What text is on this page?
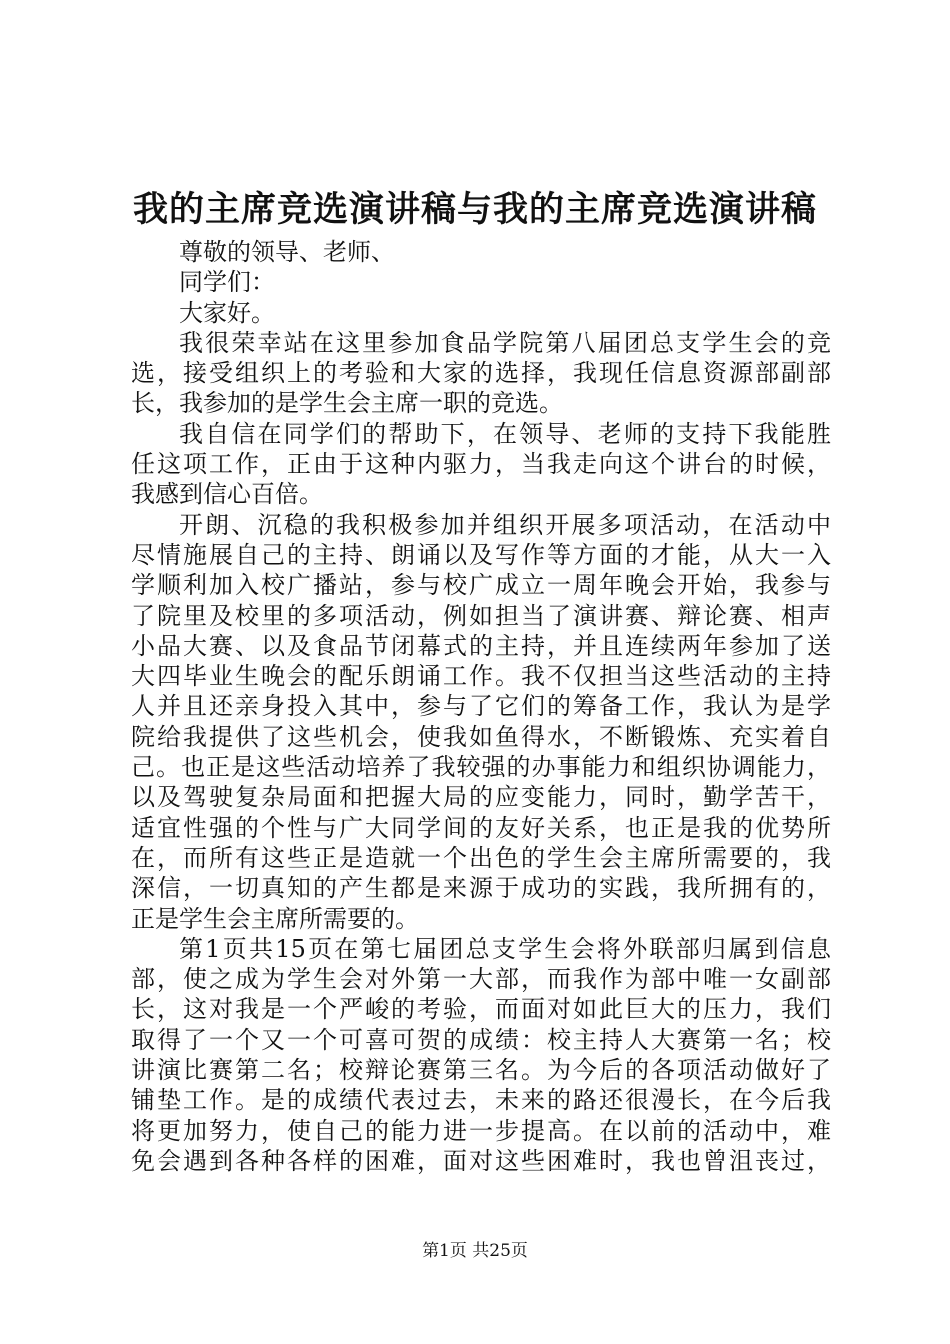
我的主席竞选演讲稿与我的主席竞选演讲稿
尊敬的领导、老师、
同学们：
大家好。
我很荣幸站在这里参加食品学院第八届团总支学生会的竞
选，接受组织上的考验和大家的选择，我现任信息资源部副部
长，我参加的是学生会主席一职的竞选。
我自信在同学们的帮助下，在领导、老师的支持下我能胜
任这项工作，正由于这种内驱力，当我走向这个讲台的时候，
我感到信心百倍。
开朗、沉稳的我积极参加并组织开展多项活动，在活动中
尽情施展自己的主持、朗诵以及写作等方面的才能，从大一入
学顺利加入校广播站，参与校广成立一周年晚会开始，我参与
了院里及校里的多项活动，例如担当了演讲赛、辩论赛、相声
小品大赛、以及食品节闭幕式的主持，并且连续两年参加了送
大四毕业生晚会的配乐朗诵工作。我不仅担当这些活动的主持
人并且还亲身投入其中，参与了它们的筹备工作，我认为是学
院给我提供了这些机会，使我如鱼得水，不断锻炼、充实着自
己。也正是这些活动培养了我较强的办事能力和组织协调能力，
以及驾驶复杂局面和把握大局的应变能力，同时，勤学苦干，
适宜性强的个性与广大同学间的友好关系，也正是我的优势所
在，而所有这些正是造就一个出色的学生会主席所需要的，我
深信，一切真知的产生都是来源于成功的实践，我所拥有的，
正是学生会主席所需要的。
第1页共15页在第七届团总支学生会将外联部归属到信息
部，使之成为学生会对外第一大部，而我作为部中唯一女副部
长，这对我是一个严峻的考验，而面对如此巨大的压力，我们
取得了一个又一个可喜可贺的成绩：校主持人大赛第一名；校
讲演比赛第二名；校辩论赛第三名。为今后的各项活动做好了
铺垫工作。是的成绩代表过去，未来的路还很漫长，在今后我
将更加努力，使自己的能力进一步提高。在以前的活动中，难
免会遇到各种各样的困难，面对这些困难时，我也曾沮丧过，
第1页 共25页
